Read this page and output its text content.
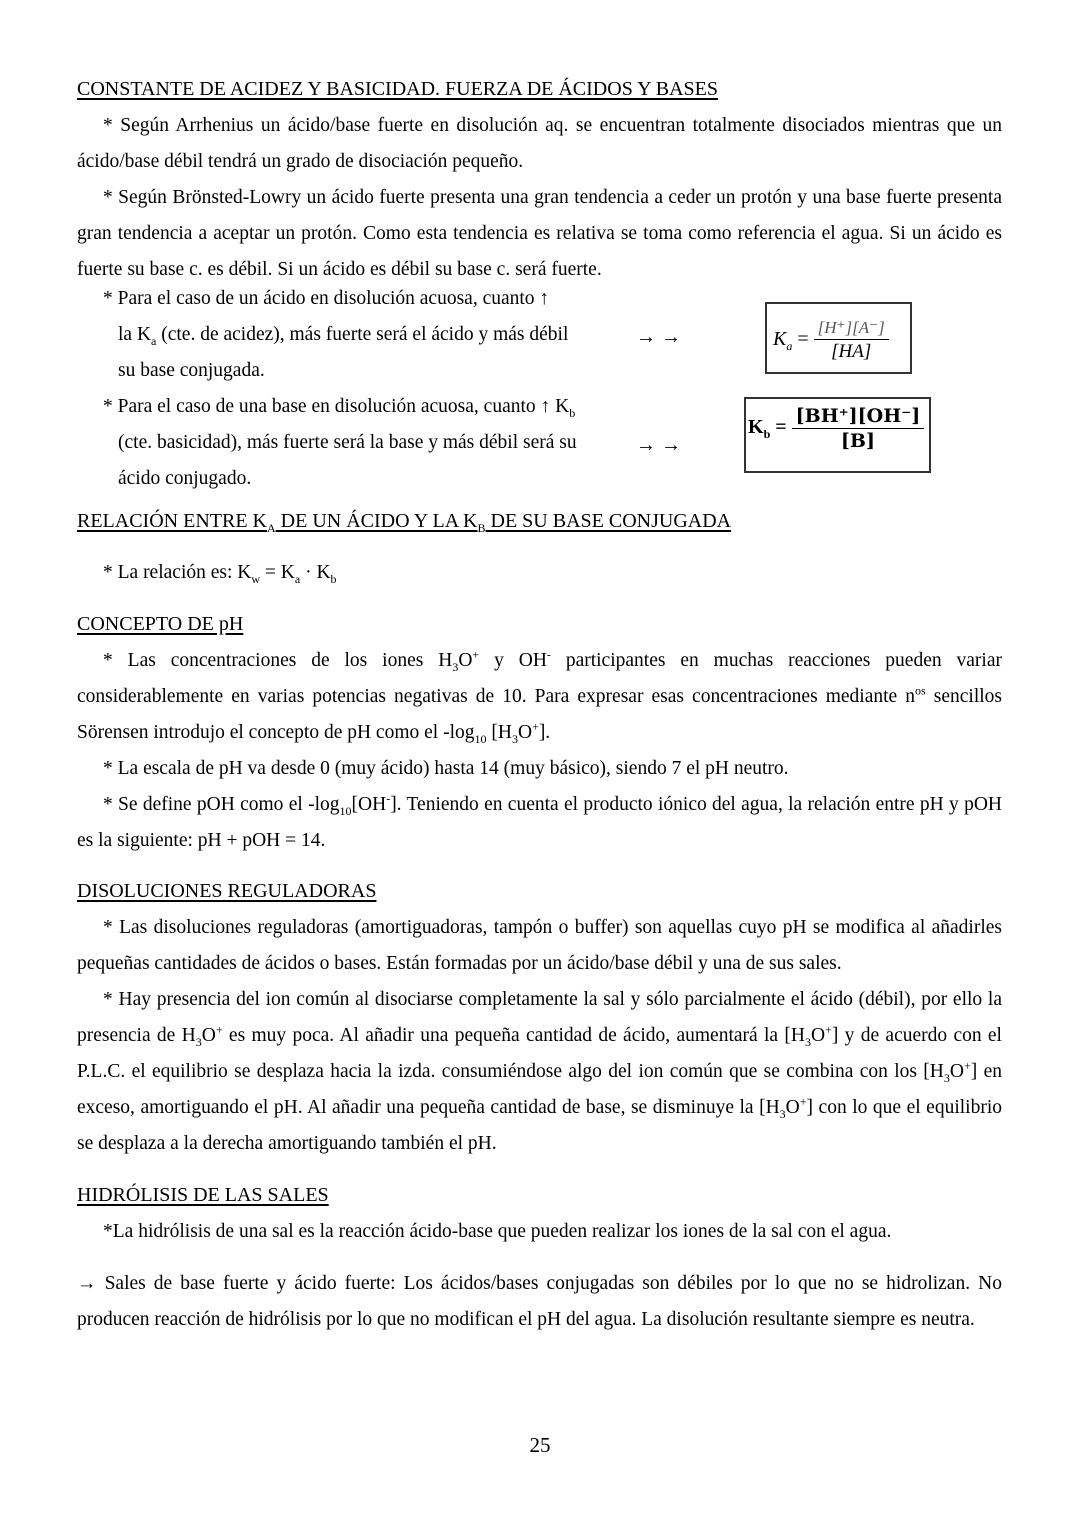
CONSTANTE DE ACIDEZ Y BASICIDAD. FUERZA DE ÁCIDOS Y BASES
* Según Arrhenius un ácido/base fuerte en disolución aq. se encuentran totalmente disociados mientras que un ácido/base débil tendrá un grado de disociación pequeño.
* Según Brönsted-Lowry un ácido fuerte presenta una gran tendencia a ceder un protón y una base fuerte presenta gran tendencia a aceptar un protón. Como esta tendencia es relativa se toma como referencia el agua. Si un ácido es fuerte su base c. es débil. Si un ácido es débil su base c. será fuerte.
* Para el caso de un ácido en disolución acuosa, cuanto ↑
la $K_a$ (cte. de acidez), más fuerte será el ácido y más débil
su base conjugada.
→ →	$K_a = \frac{[H^+][A^-]}{[HA]}$
* Para el caso de una base en disolución acuosa, cuanto ↑ $K_b$
(cte. basicidad), más fuerte será la base y más débil será su
ácido conjugado.
→ →
$K_b = \frac{[BH^+][OH^-]}{[B]}$
RELACIÓN ENTRE $K_A$ DE UN ÁCIDO Y LA $K_B$ DE SU BASE CONJUGADA
* La relación es: $K_w = K_a \cdot K_b$
CONCEPTO DE pH
* Las concentraciones de los iones $H_3O^+$ y OH- participantes en muchas reacciones pueden variar considerablemente en varias potencias negativas de 10. Para expresar esas concentraciones mediante $n^{os}$ sencillos Sörensen introdujo el concepto de pH como el $-\log_{10}$ $[H_3O^+]$.
* La escala de pH va desde 0 (muy ácido) hasta 14 (muy básico), siendo 7 el pH neutro.
* Se define pOH como el $-\log_{10}[OH^-]$. Teniendo en cuenta el producto iónico del agua, la relación entre pH y pOH es la siguiente: pH + pOH = 14.
DISOLUCIONES REGULADORAS
* Las disoluciones reguladoras (amortiguadoras, tampón o buffer) son aquellas cuyo pH se modifica al añadirles pequeñas cantidades de ácidos o bases. Están formadas por un ácido/base débil y una de sus sales.
* Hay presencia del ion común al disociarse completamente la sal y sólo parcialmente el ácido (débil), por ello la presencia de $H_3O^+$ es muy poca. Al añadir una pequeña cantidad de ácido, aumentará la $[H_3O^+]$ y de acuerdo con el P.L.C. el equilibrio se desplaza hacia la izda. consumiéndose algo del ion común que se combina con los $[H_3O^+]$ en exceso, amortiguando el pH. Al añadir una pequeña cantidad de base, se disminuye la $[H_3O^+]$ con lo que el equilibrio se desplaza a la derecha amortiguando también el pH.
HIDRÓLISIS DE LAS SALES
*La hidrólisis de una sal es la reacción ácido-base que pueden realizar los iones de la sal con el agua.
→ Sales de base fuerte y ácido fuerte: Los ácidos/bases conjugadas son débiles por lo que no se hidrolizan. No producen reacción de hidrólisis por lo que no modifican el pH del agua. La disolución resultante siempre es neutra.
25
